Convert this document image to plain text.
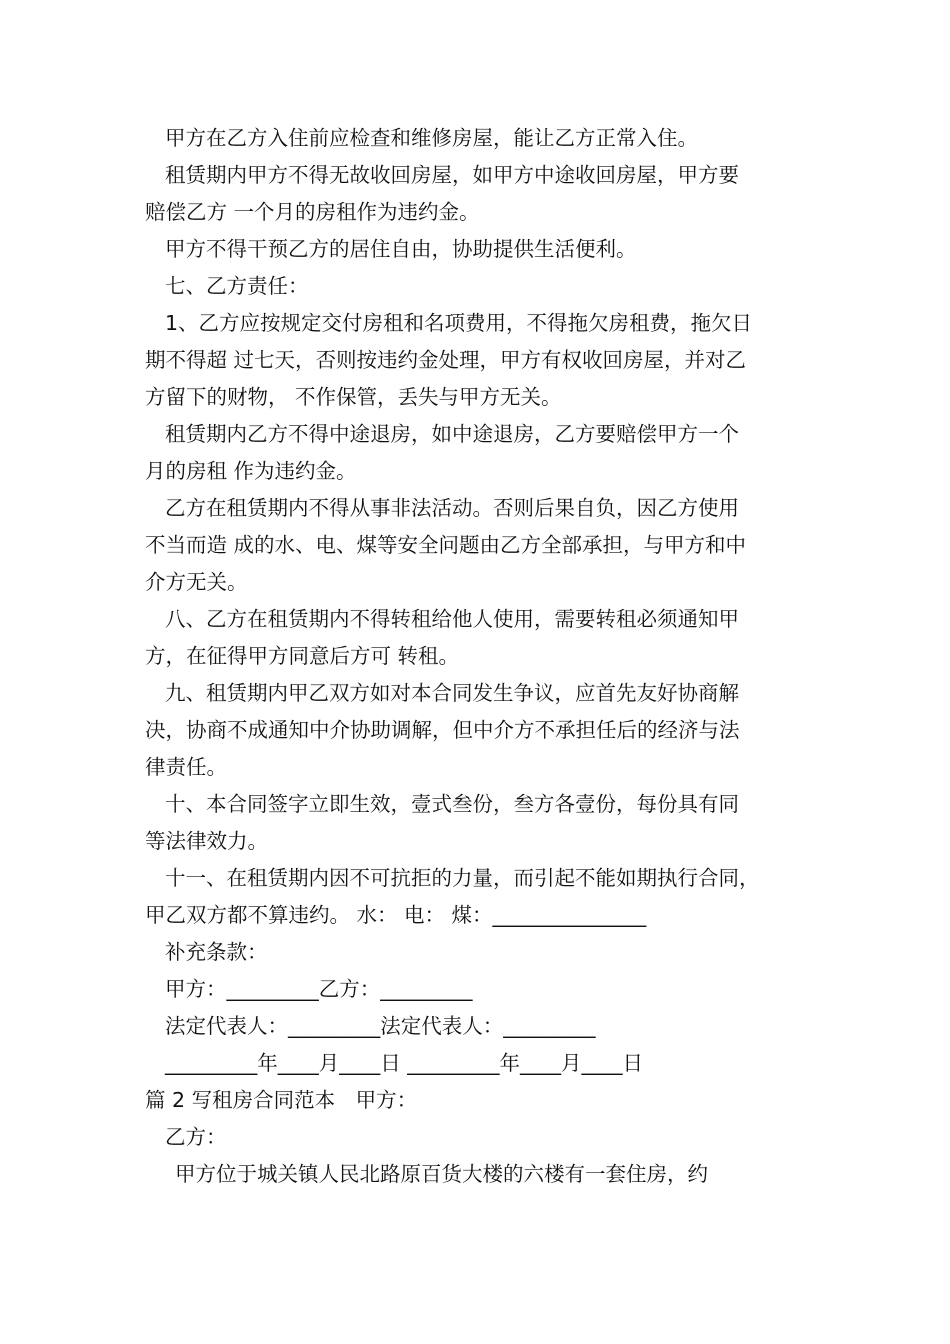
甲方在乙方入住前应检查和维修房屋，能让乙方正常入住。

租赁期内甲方不得无故收回房屋，如甲方中途收回房屋，甲方要

赔偿乙方 一个月的房租作为违约金。

甲方不得干预乙方的居住自由，协助提供生活便利。

七、乙方责任：

1、乙方应按规定交付房租和名项费用，不得拖欠房租费，拖欠日

期不得超 过七天，否则按违约金处理，甲方有权收回房屋，并对乙

方留下的财物， 不作保管，丢失与甲方无关。

租赁期内乙方不得中途退房，如中途退房，乙方要赔偿甲方一个

月的房租 作为违约金。

乙方在租赁期内不得从事非法活动。否则后果自负，因乙方使用

不当而造 成的水、电、煤等安全问题由乙方全部承担，与甲方和中

介方无关。

八、乙方在租赁期内不得转租给他人使用，需要转租必须通知甲

方，在征得甲方同意后方可 转租。

九、租赁期内甲乙双方如对本合同发生争议，应首先友好协商解

决，协商不成通知中介协助调解，但中介方不承担任后的经济与法

律责任。

十、本合同签字立即生效，壹式叁份，叁方各壹份，每份具有同

等法律效力。

十一、在租赁期内因不可抗拒的力量，而引起不能如期执行合同，

甲乙双方都不算违约。 水： 电： 煤：_______________

补充条款：

甲方：_________乙方：_________

法定代表人：_________法定代表人：_________

_________年____月____日 _________年____月____日

篇 2 写租房合同范本　甲方：

乙方：

甲方位于城关镇人民北路原百货大楼的六楼有一套住房，约
